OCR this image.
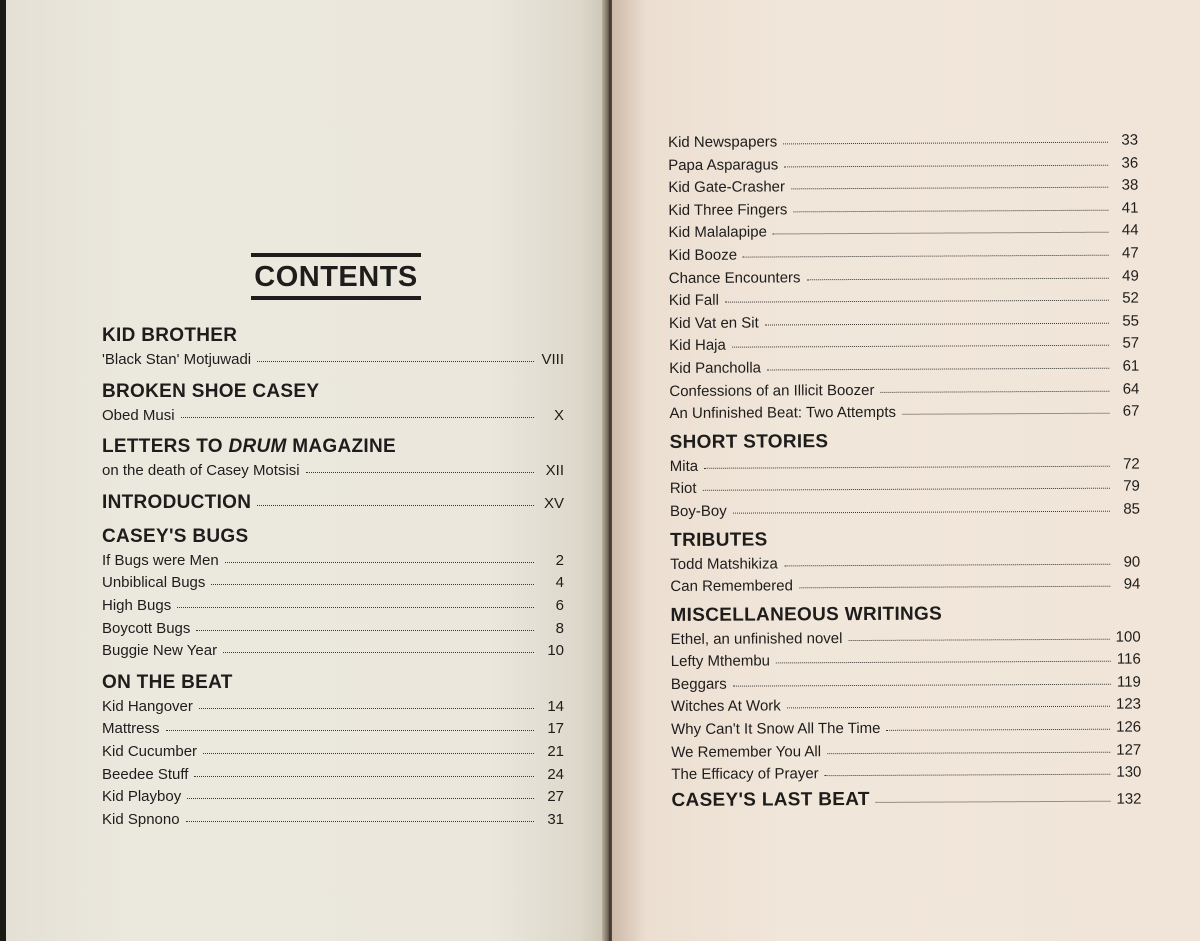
CONTENTS
KID BROTHER
'Black Stan' Motjuwadi	VIII
BROKEN SHOE CASEY
Obed Musi	X
LETTERS TO DRUM MAGAZINE
on the death of Casey Motsisi	XII
INTRODUCTION	XV
CASEY'S BUGS
If Bugs were Men	2
Unbiblical Bugs	4
High Bugs	6
Boycott Bugs	8
Buggie New Year	10
ON THE BEAT
Kid Hangover	14
Mattress	17
Kid Cucumber	21
Beedee Stuff	24
Kid Playboy	27
Kid Spnono	31
Kid Newspapers	33
Papa Asparagus	36
Kid Gate-Crasher	38
Kid Three Fingers	41
Kid Malalapipe	44
Kid Booze	47
Chance Encounters	49
Kid Fall	52
Kid Vat en Sit	55
Kid Haja	57
Kid Pancholla	61
Confessions of an Illicit Boozer	64
An Unfinished Beat: Two Attempts	67
SHORT STORIES
Mita	72
Riot	79
Boy-Boy	85
TRIBUTES
Todd Matshikiza	90
Can Remembered	94
MISCELLANEOUS WRITINGS
Ethel, an unfinished novel	100
Lefty Mthembu	116
Beggars	119
Witches At Work	123
Why Can't It Snow All The Time	126
We Remember You All	127
The Efficacy of Prayer	130
CASEY'S LAST BEAT	132
